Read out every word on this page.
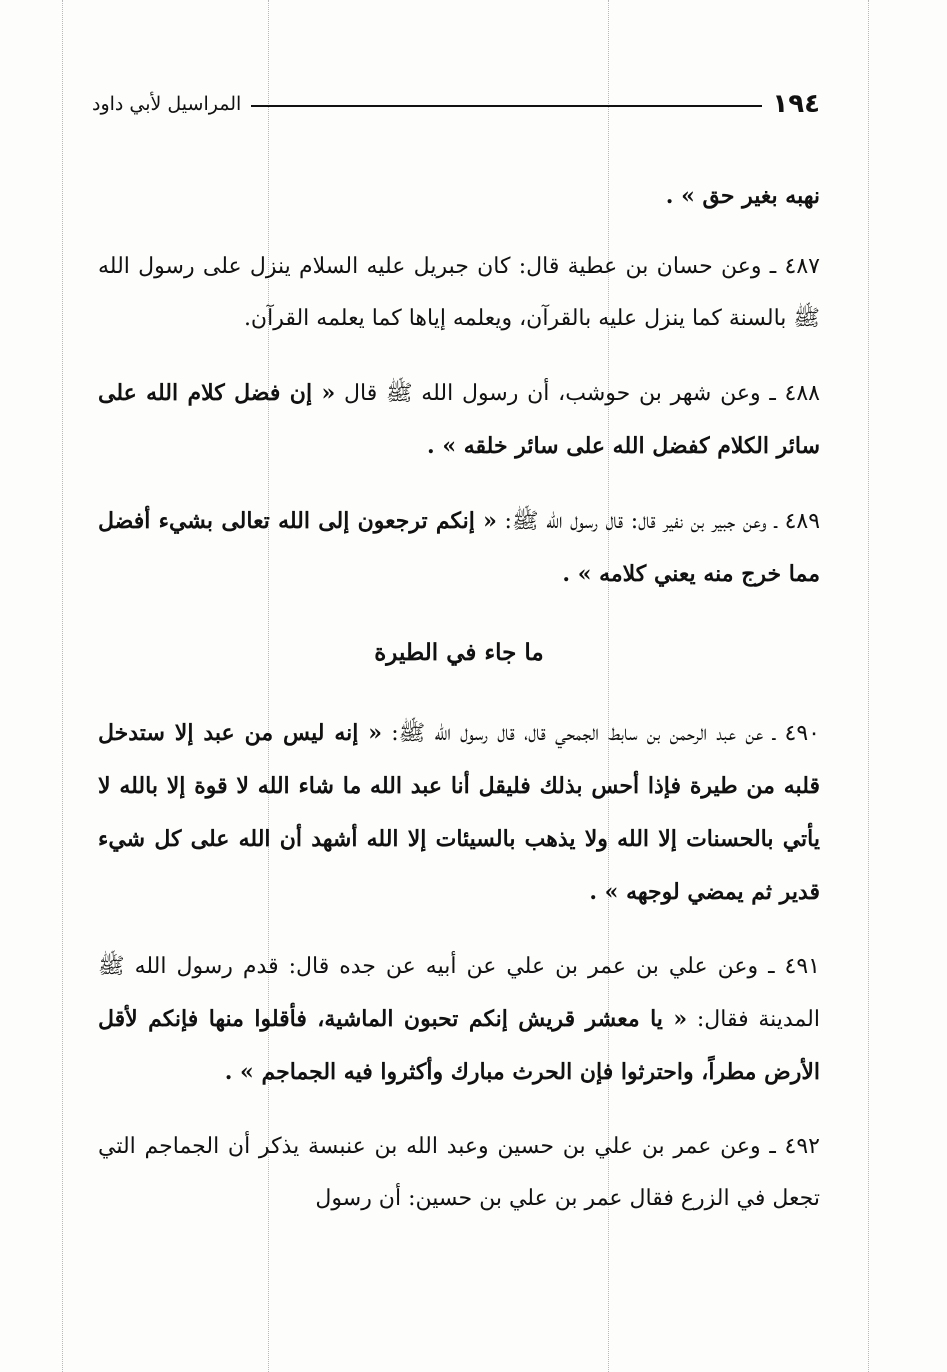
١٩٤
المراسيل لأبي داود

نهبه بغير حق » .

٤٨٧ ـ وعن حسان بن عطية قال: كان جبريل عليه السلام ينزل على رسول الله ﷺ بالسنة كما ينزل عليه بالقرآن، ويعلمه إياها كما يعلمه القرآن.

٤٨٨ ـ وعن شهر بن حوشب، أن رسول الله ﷺ قال « إن فضل كلام الله على سائر الكلام كفضل الله على سائر خلقه » .

٤٨٩ ـ وعن جبير بن نفير قال: قال رسول الله ﷺ: « إنكم ترجعون إلى الله تعالى بشيء أفضل مما خرج منه يعني كلامه » .

ما جاء في الطيرة

٤٩٠ ـ عن عبد الرحمن بن سابط الجمحي قال، قال رسول الله ﷺ: « إنه ليس من عبد إلا ستدخل قلبه من طيرة فإذا أحس بذلك فليقل أنا عبد الله ما شاء الله لا قوة إلا بالله لا يأتي بالحسنات إلا الله ولا يذهب بالسيئات إلا الله أشهد أن الله على كل شيء قدير ثم يمضي لوجهه » .

٤٩١ ـ وعن علي بن عمر بن علي عن أبيه عن جده قال: قدم رسول الله ﷺ المدينة فقال: « يا معشر قريش إنكم تحبون الماشية، فأقلوا منها فإنكم لأقل الأرض مطراً، واحترثوا فإن الحرث مبارك وأكثروا فيه الجماجم » .

٤٩٢ ـ وعن عمر بن علي بن حسين وعبد الله بن عنبسة يذكر أن الجماجم التي تجعل في الزرع فقال عمر بن علي بن حسين: أن رسول
